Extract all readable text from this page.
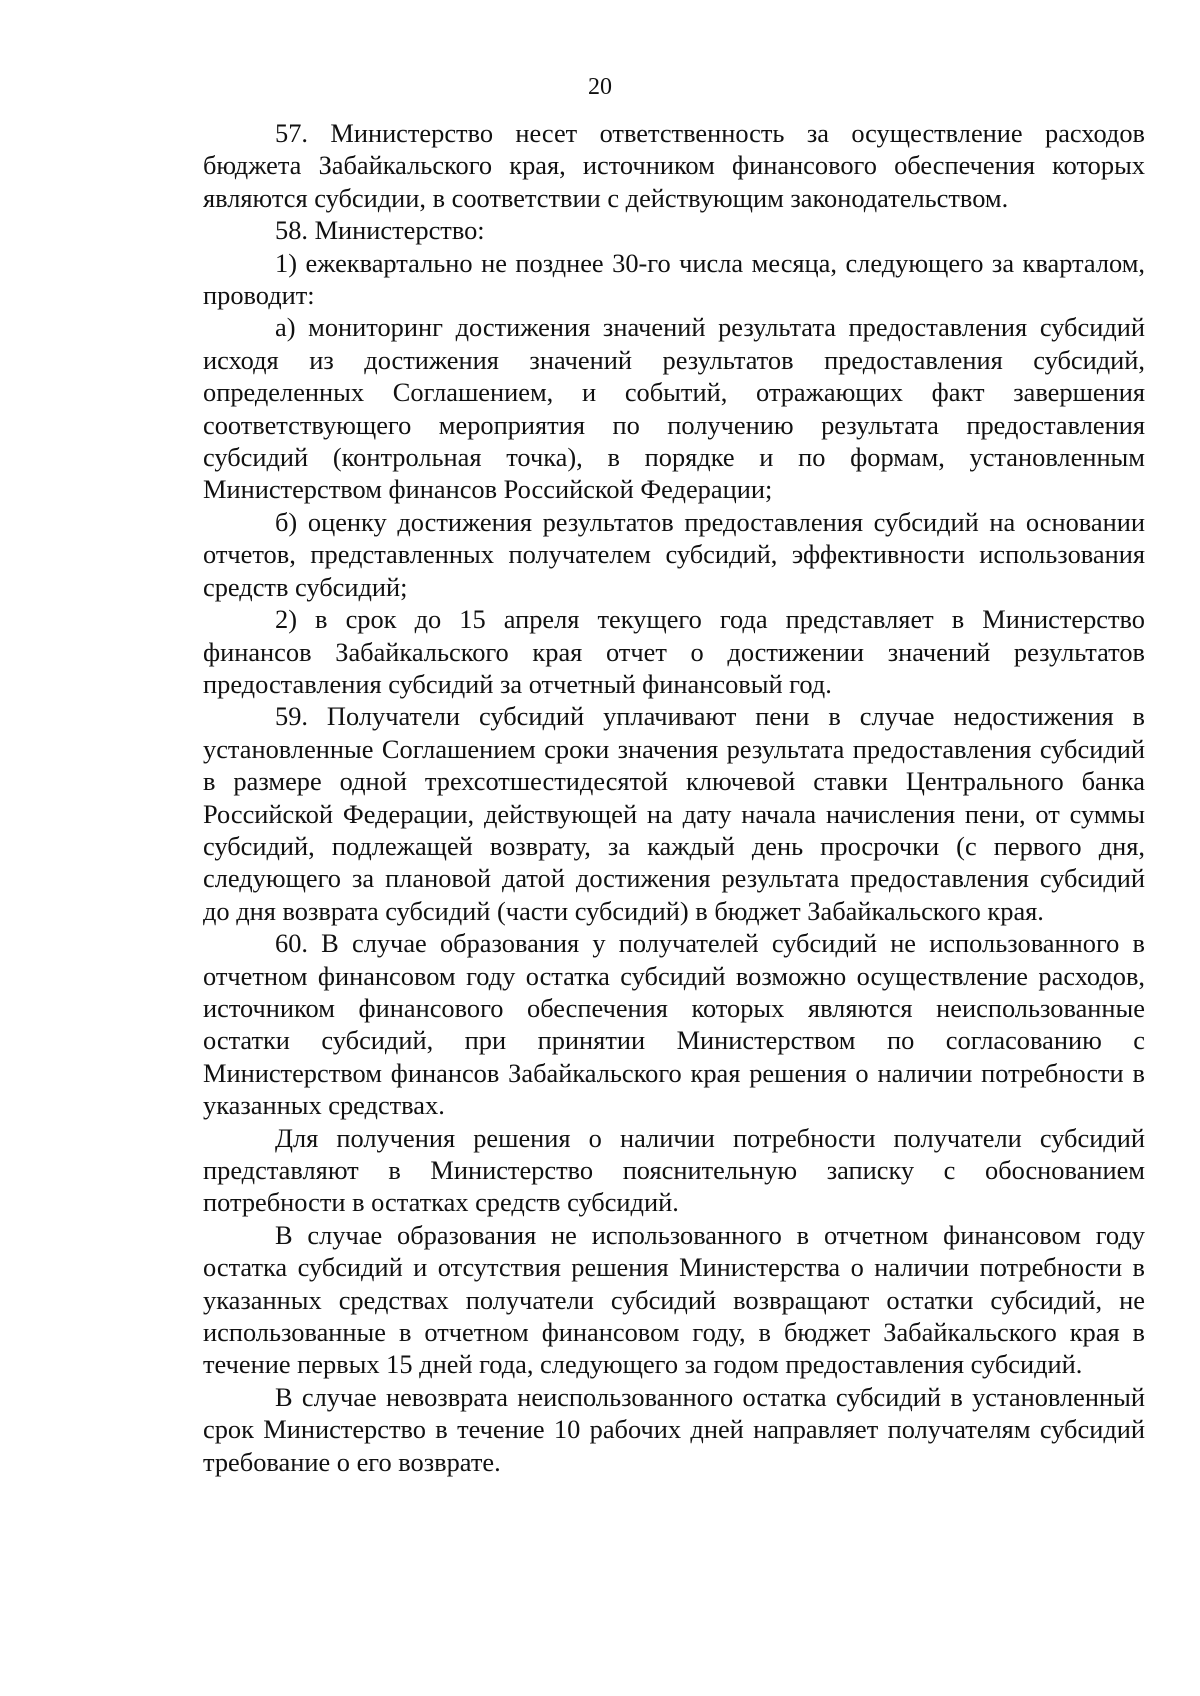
20

57. Министерство несет ответственность за осуществление расходов бюджета Забайкальского края, источником финансового обеспечения которых являются субсидии, в соответствии с действующим законодательством.

58. Министерство:

1) ежеквартально не позднее 30-го числа месяца, следующего за кварталом, проводит:

а) мониторинг достижения значений результата предоставления субсидий исходя из достижения значений результатов предоставления субсидий, определенных Соглашением, и событий, отражающих факт завершения соответствующего мероприятия по получению результата предоставления субсидий (контрольная точка), в порядке и по формам, установленным Министерством финансов Российской Федерации;

б) оценку достижения результатов предоставления субсидий на основании отчетов, представленных получателем субсидий, эффективности использования средств субсидий;

2) в срок до 15 апреля текущего года представляет в Министерство финансов Забайкальского края отчет о достижении значений результатов предоставления субсидий за отчетный финансовый год.

59. Получатели субсидий уплачивают пени в случае недостижения в установленные Соглашением сроки значения результата предоставления субсидий в размере одной трехсотшестидесятой ключевой ставки Центрального банка Российской Федерации, действующей на дату начала начисления пени, от суммы субсидий, подлежащей возврату, за каждый день просрочки (с первого дня, следующего за плановой датой достижения результата предоставления субсидий до дня возврата субсидий (части субсидий) в бюджет Забайкальского края.

60. В случае образования у получателей субсидий не использованного в отчетном финансовом году остатка субсидий возможно осуществление расходов, источником финансового обеспечения которых являются неиспользованные остатки субсидий, при принятии Министерством по согласованию с Министерством финансов Забайкальского края решения о наличии потребности в указанных средствах.

Для получения решения о наличии потребности получатели субсидий представляют в Министерство пояснительную записку с обоснованием потребности в остатках средств субсидий.

В случае образования не использованного в отчетном финансовом году остатка субсидий и отсутствия решения Министерства о наличии потребности в указанных средствах получатели субсидий возвращают остатки субсидий, не использованные в отчетном финансовом году, в бюджет Забайкальского края в течение первых 15 дней года, следующего за годом предоставления субсидий.

В случае невозврата неиспользованного остатка субсидий в установленный срок Министерство в течение 10 рабочих дней направляет получателям субсидий требование о его возврате.
